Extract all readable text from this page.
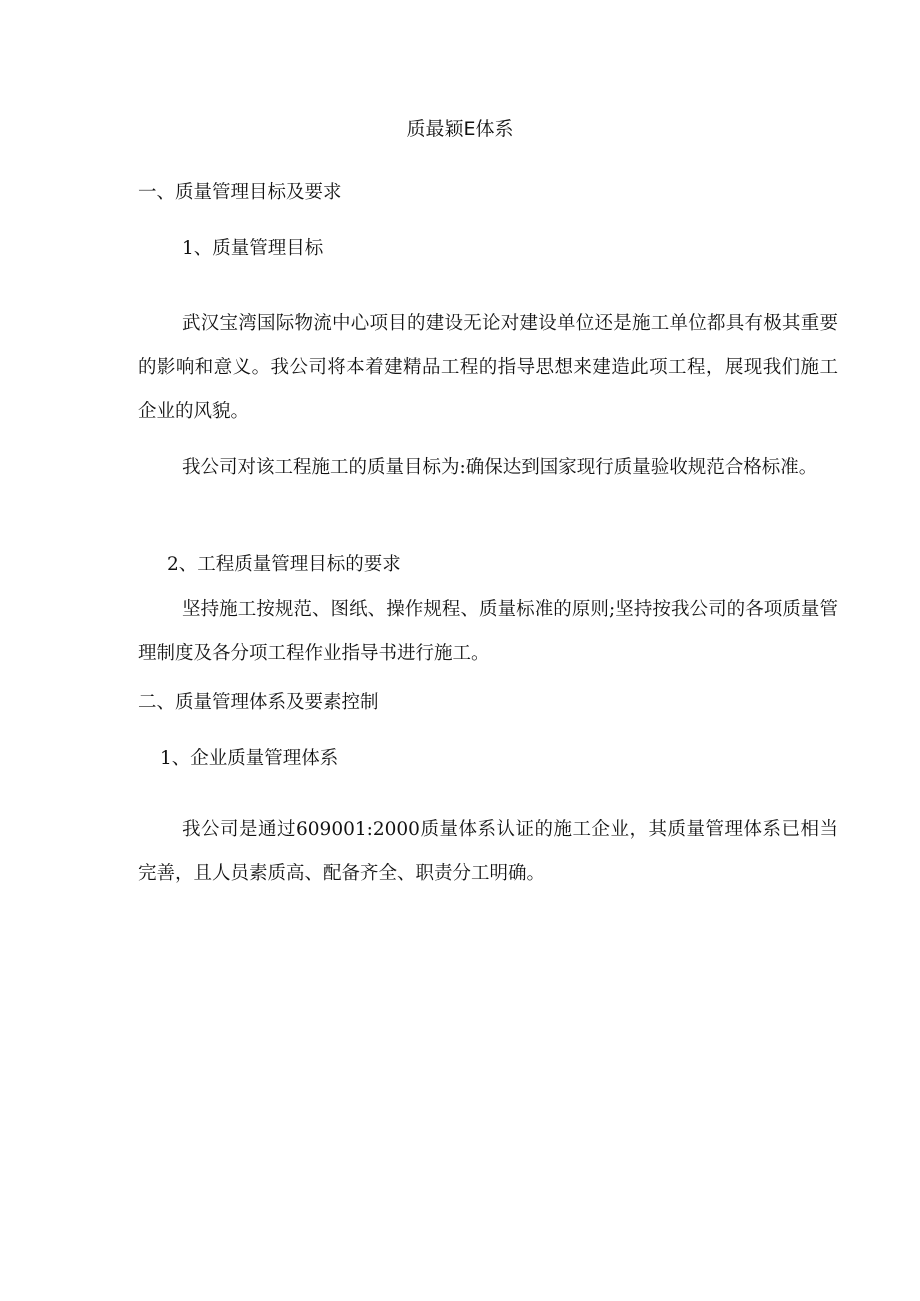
质最颖E体系
一、质量管理目标及要求
1、质量管理目标
武汉宝湾国际物流中心项目的建设无论对建设单位还是施工单位都具有极其重要的影响和意义。我公司将本着建精品工程的指导思想来建造此项工程，展现我们施工企业的风貌。
我公司对该工程施工的质量目标为:确保达到国家现行质量验收规范合格标准。
2、工程质量管理目标的要求
坚持施工按规范、图纸、操作规程、质量标准的原则;坚持按我公司的各项质量管理制度及各分项工程作业指导书进行施工。
二、质量管理体系及要素控制
1、企业质量管理体系
我公司是通过609001:2000质量体系认证的施工企业，其质量管理体系已相当完善，且人员素质高、配备齐全、职责分工明确。
